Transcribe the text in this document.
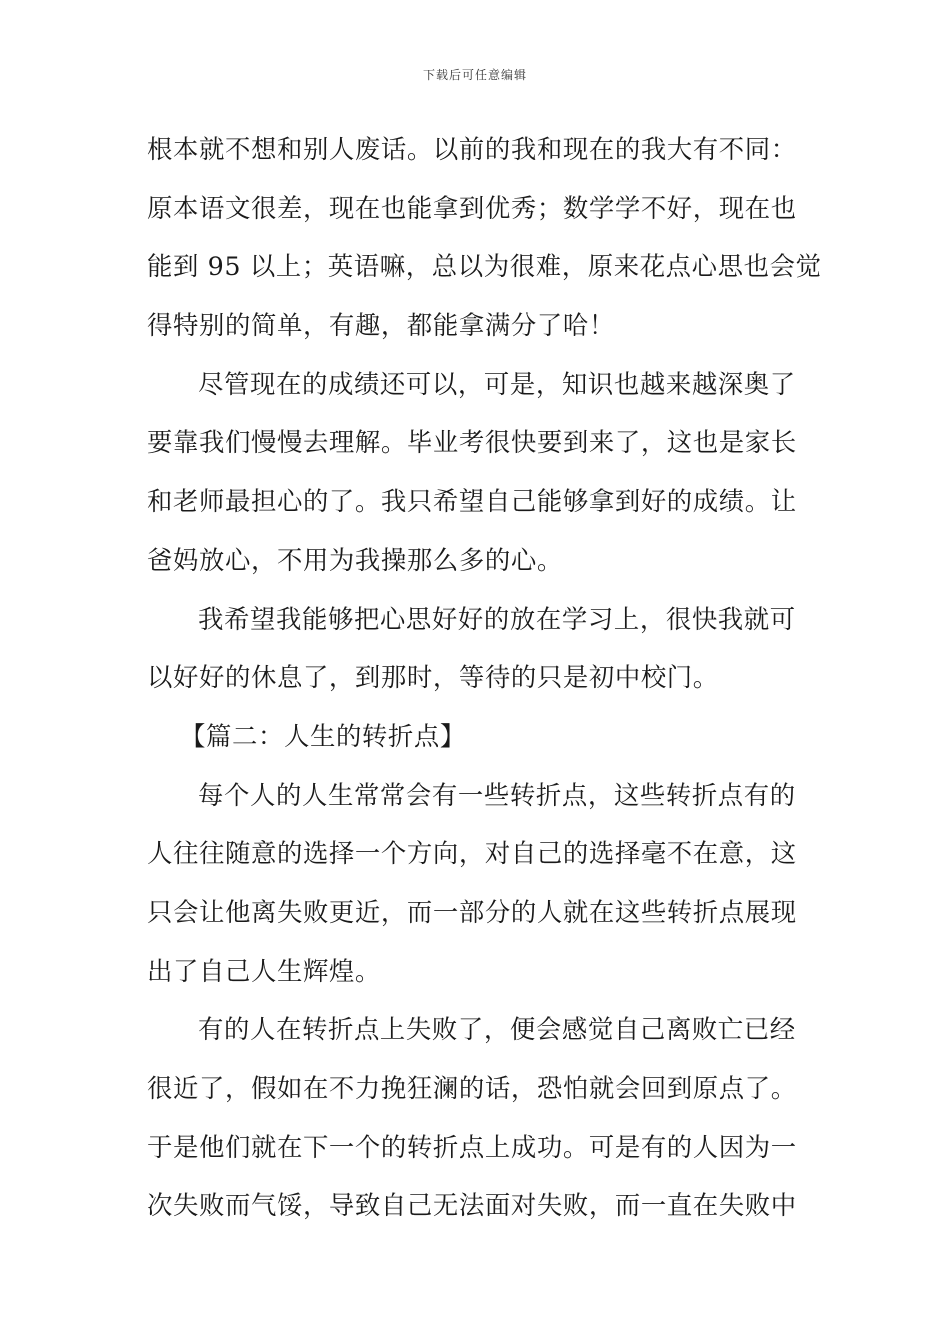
下载后可任意编辑
根本就不想和别人废话。以前的我和现在的我大有不同：
原本语文很差，现在也能拿到优秀；数学学不好，现在也
能到 95 以上；英语嘛，总以为很难，原来花点心思也会觉
得特别的简单，有趣，都能拿满分了哈！
尽管现在的成绩还可以，可是，知识也越来越深奥了
要靠我们慢慢去理解。毕业考很快要到来了，这也是家长
和老师最担心的了。我只希望自己能够拿到好的成绩。让
爸妈放心，不用为我操那么多的心。
我希望我能够把心思好好的放在学习上，很快我就可
以好好的休息了，到那时，等待的只是初中校门。
【篇二：人生的转折点】
每个人的人生常常会有一些转折点，这些转折点有的
人往往随意的选择一个方向，对自己的选择毫不在意，这
只会让他离失败更近，而一部分的人就在这些转折点展现
出了自己人生辉煌。
有的人在转折点上失败了，便会感觉自己离败亡已经
很近了，假如在不力挽狂澜的话，恐怕就会回到原点了。
于是他们就在下一个的转折点上成功。可是有的人因为一
次失败而气馁，导致自己无法面对失败，而一直在失败中
